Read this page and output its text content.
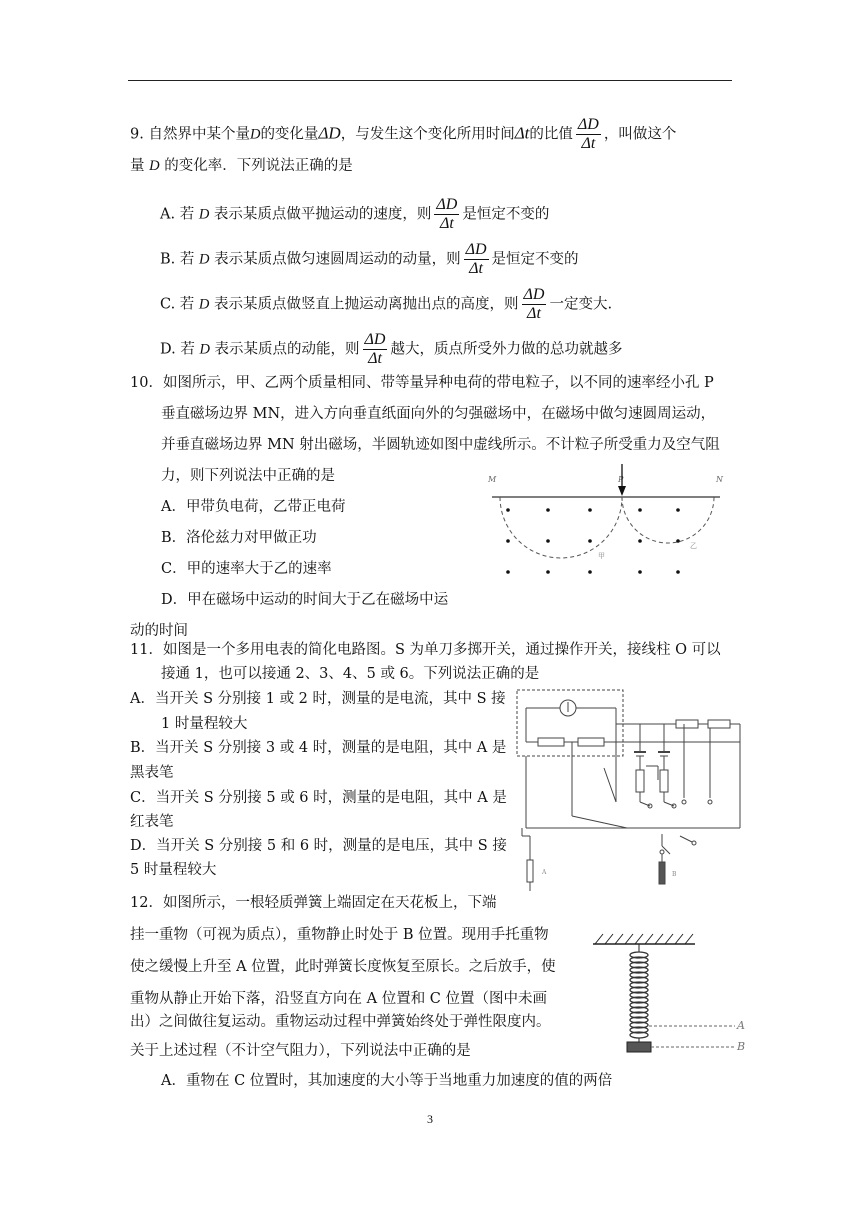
9. 自然界中某个量D的变化量ΔD，与发生这个变化所用时间Δt的比值 $\frac{\Delta D}{\Delta t}$ ，叫做这个
量 D 的变化率．下列说法正确的是
A. 若 D 表示某质点做平抛运动的速度，则 $\frac{\Delta D}{\Delta t}$ 是恒定不变的
B. 若 D 表示某质点做匀速圆周运动的动量，则 $\frac{\Delta D}{\Delta t}$ 是恒定不变的
C. 若 D 表示某质点做竖直上抛运动离抛出点的高度，则 $\frac{\Delta D}{\Delta t}$ 一定变大.
D. 若 D 表示某质点的动能，则 $\frac{\Delta D}{\Delta t}$ 越大，质点所受外力做的总功就越多
10．如图所示，甲、乙两个质量相同、带等量异种电荷的带电粒子，以不同的速率经小孔 P
垂直磁场边界 MN，进入方向垂直纸面向外的匀强磁场中，在磁场中做匀速圆周运动，
并垂直磁场边界 MN 射出磁场，半圆轨迹如图中虚线所示。不计粒子所受重力及空气阻
力，则下列说法中正确的是
A．甲带负电荷，乙带正电荷
B．洛伦兹力对甲做正功
C．甲的速率大于乙的速率
D．甲在磁场中运动的时间大于乙在磁场中运
动的时间
M	P	N
甲
乙
11．如图是一个多用电表的简化电路图。S 为单刀多掷开关，通过操作开关，接线柱 O 可以
接通 1，也可以接通 2、3、4、5 或 6。下列说法正确的是
A．当开关 S 分别接 1 或 2 时，测量的是电流，其中 S 接
1 时量程较大
B．当开关 S 分别接 3 或 4 时，测量的是电阻，其中 A 是
黑表笔
C．当开关 S 分别接 5 或 6 时，测量的是电阻，其中 A 是
红表笔
D．当开关 S 分别接 5 和 6 时，测量的是电压，其中 S 接
5 时量程较大	A	B
12．如图所示，一根轻质弹簧上端固定在天花板上，下端
挂一重物（可视为质点），重物静止时处于 B 位置。现用手托重物
使之缓慢上升至 A 位置，此时弹簧长度恢复至原长。之后放手，使
重物从静止开始下落，沿竖直方向在 A 位置和 C 位置（图中未画
出）之间做往复运动。重物运动过程中弹簧始终处于弹性限度内。
关于上述过程（不计空气阻力），下列说法中正确的是
A．重物在 C 位置时，其加速度的大小等于当地重力加速度的值的两倍
A
B
3
